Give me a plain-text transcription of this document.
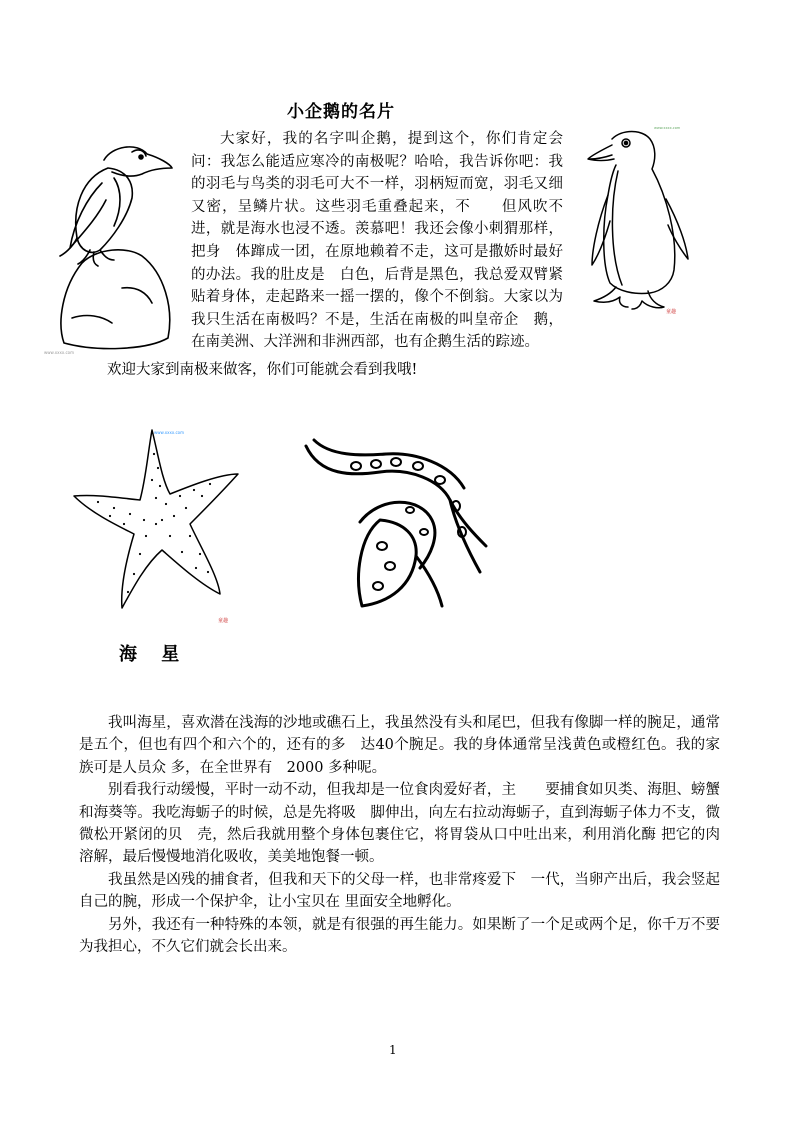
www.xxxx.com
www.xxxx.com
童趣
www.xxxx.com
童趣
小企鹅的名片

大家好，我的名字叫企鹅，提到这个，你们肯定会问：我怎么能适应寒冷的南极呢？哈哈，我告诉你吧：我的羽毛与鸟类的羽毛可大不一样，羽柄短而宽，羽毛又细又密，呈鳞片状。这些羽毛重叠起来，不　　但风吹不进，就是海水也浸不透。羡慕吧！我还会像小刺猬那样，把身　体蹿成一团，在原地赖着不走，这可是撒娇时最好的办法。我的肚皮是　白色，后背是黑色，我总爱双臂紧贴着身体，走起路来一摇一摆的，像个不倒翁。大家以为我只生活在南极吗？不是，生活在南极的叫皇帝企　鹅，在南美洲、大洋洲和非洲西部，也有企鹅生活的踪迹。

欢迎大家到南极来做客，你们可能就会看到我哦!
海 星

我叫海星，喜欢潜在浅海的沙地或礁石上，我虽然没有头和尾巴，但我有像脚一样的腕足，通常是五个，但也有四个和六个的，还有的多　达40个腕足。我的身体通常呈浅黄色或橙红色。我的家族可是人员众 多，在全世界有　2000 多种呢。

别看我行动缓慢，平时一动不动，但我却是一位食肉爱好者，主　　要捕食如贝类、海胆、螃蟹和海葵等。我吃海蛎子的时候，总是先将吸　脚伸出，向左右拉动海蛎子，直到海蛎子体力不支，微微松开紧闭的贝　壳，然后我就用整个身体包裹住它，将胃袋从口中吐出来，利用消化酶 把它的肉溶解，最后慢慢地消化吸收，美美地饱餐一顿。

我虽然是凶残的捕食者，但我和天下的父母一样，也非常疼爱下　一代，当卵产出后，我会竖起自己的腕，形成一个保护伞，让小宝贝在 里面安全地孵化。

另外，我还有一种特殊的本领，就是有很强的再生能力。如果断了一个足或两个足，你千万不要为我担心，不久它们就会长出来。

1
